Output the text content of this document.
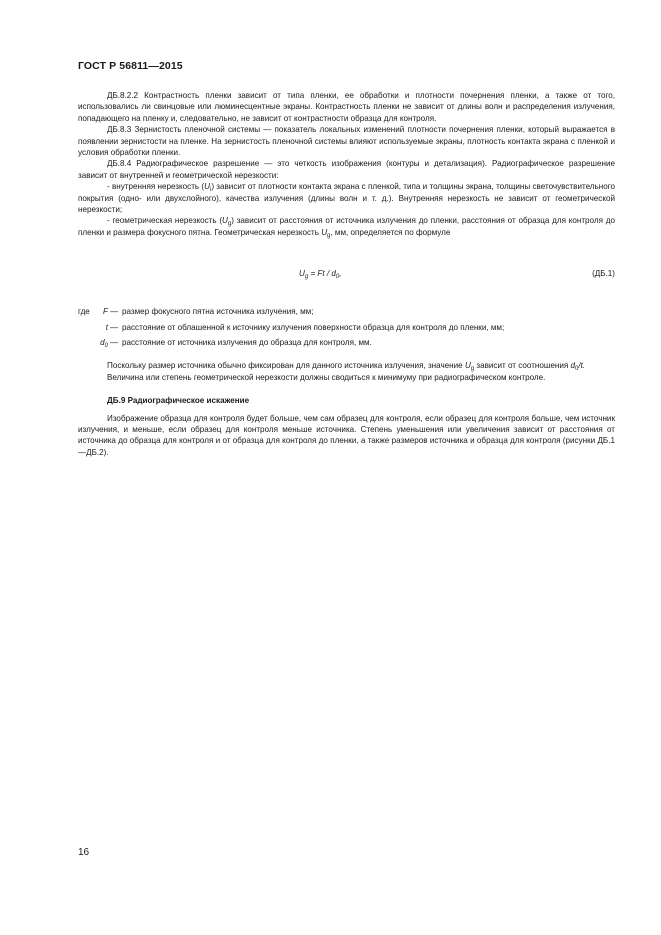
ГОСТ Р 56811—2015

ДБ.8.2.2 Контрастность пленки зависит от типа пленки, ее обработки и плотности почернения пленки, а также от того, использовались ли свинцовые или люминесцентные экраны. Контрастность пленки не зависит от длины волн и распределения излучения, попадающего на пленку и, следовательно, не зависит от контрастности образца для контроля.

ДБ.8.3 Зернистость пленочной системы — показатель локальных изменений плотности почернения пленки, который выражается в появлении зернистости на пленке. На зернистость пленочной системы влияют используемые экраны, плотность контакта экрана с пленкой и условия обработки пленки.

ДБ.8.4 Радиографическое разрешение — это четкость изображения (контуры и детализация). Радиографическое разрешение зависит от внутренней и геометрической нерезкости:

- внутренняя нерезкость $(U_i)$ зависит от плотности контакта экрана с пленкой, типа и толщины экрана, толщины светочувствительного покрытия (одно- или двухслойного), качества излучения (длины волн и т. д.). Внутренняя нерезкость не зависит от геометрической нерезкости;

- геометрическая нерезкость $(U_g)$ зависит от расстояния от источника излучения до пленки, расстояния от образца для контроля до пленки и размера фокусного пятна. Геометрическая нерезкость $U_g$, мм, определяется по формуле

$U_g = Ft / d_0$,	(ДБ.1)
где F — размер фокусного пятна источника излучения, мм;
t — расстояние от облашенной к источнику излучения поверхности образца для контроля до пленки, мм;
$d_0$ — расстояние от источника излучения до образца для контроля, мм.

Поскольку размер источника обычно фиксирован для данного источника излучения, значение $U_g$ зависит от соотношения $d_0/t$.

Величина или степень геометрической нерезкости должны сводиться к минимуму при радиографическом контроле.

ДБ.9 Радиографическое искажение

Изображение образца для контроля будет больше, чем сам образец для контроля, если образец для контроля больше, чем источник излучения, и меньше, если образец для контроля меньше источника. Степень уменьшения или увеличения зависит от расстояния от источника до образца для контроля и от образца для контроля до пленки, а также размеров источника и образца для контроля (рисунки ДБ.1—ДБ.2).

16
